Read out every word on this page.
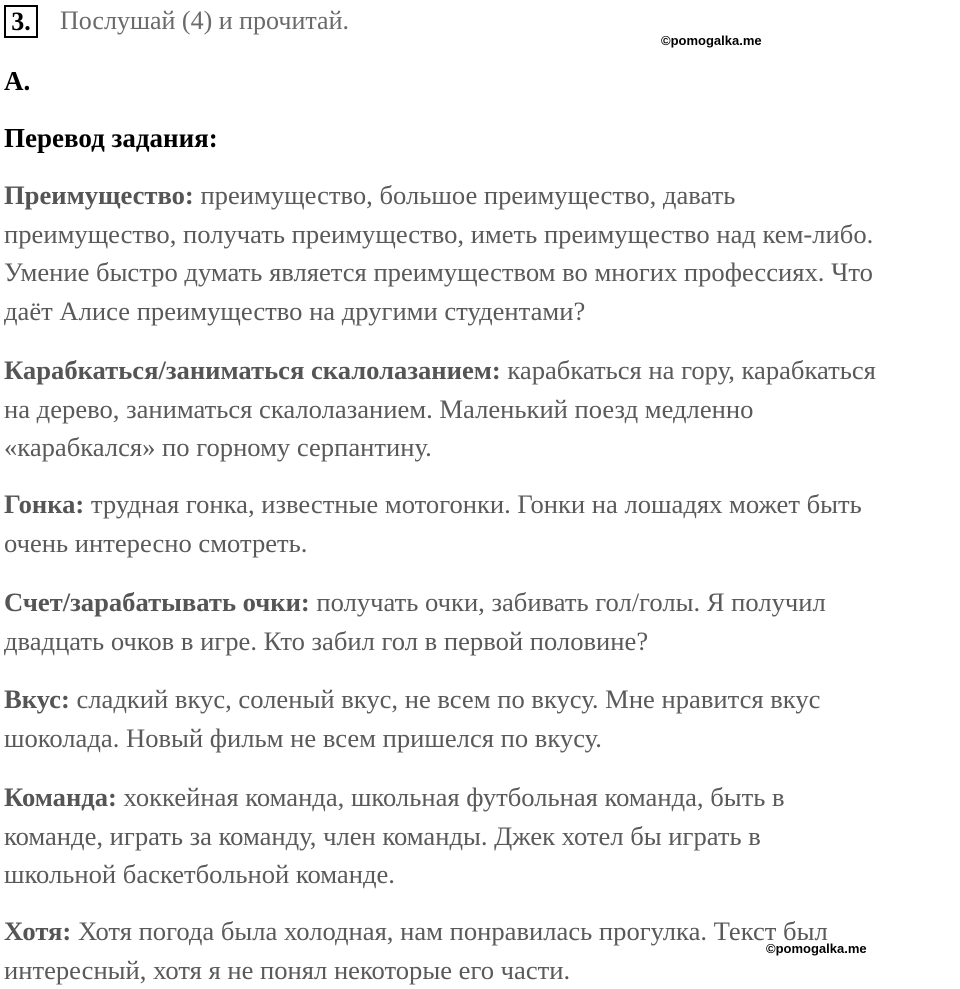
3. Послушай (4) и прочитай.
©pomogalka.me
А.
Перевод задания:
Преимущество: преимущество, большое преимущество, давать
преимущество, получать преимущество, иметь преимущество над кем-либо.
Умение быстро думать является преимуществом во многих профессиях. Что
даёт Алисе преимущество на другими студентами?
Карабкаться/заниматься скалолазанием: карабкаться на гору, карабкаться
на дерево, заниматься скалолазанием. Маленький поезд медленно
«карабкался» по горному серпантину.
Гонка: трудная гонка, известные мотогонки. Гонки на лошадях может быть
очень интересно смотреть.
Счет/зарабатывать очки: получать очки, забивать гол/голы. Я получил
двадцать очков в игре. Кто забил гол в первой половине?
Вкус: сладкий вкус, соленый вкус, не всем по вкусу. Мне нравится вкус
шоколада. Новый фильм не всем пришелся по вкусу.
Команда: хоккейная команда, школьная футбольная команда, быть в
команде, играть за команду, член команды. Джек хотел бы играть в
школьной баскетбольной команде.
Хотя: Хотя погода была холодная, нам понравилась прогулка. Текст был
интересный, хотя я не понял некоторые его части.
©pomogalka.me
